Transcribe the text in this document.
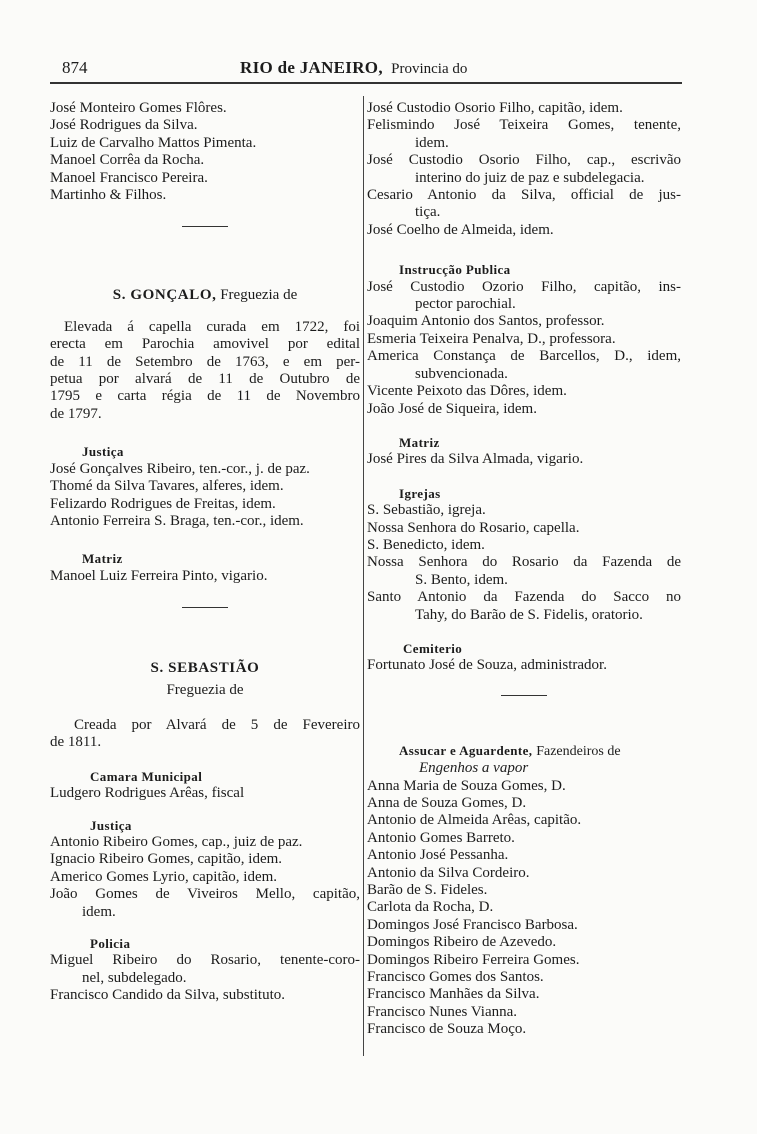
874	RIO de JANEIRO, Provincia do
José Monteiro Gomes Flôres.
José Rodrigues da Silva.
Luiz de Carvalho Mattos Pimenta.
Manoel Corrêa da Rocha.
Manoel Francisco Pereira.
Martinho & Filhos.
S. GONÇALO, Freguezia de
Elevada á capella curada em 1722, foi
erecta em Parochia amovivel por edital
de 11 de Setembro de 1763, e em per-
petua por alvará de 11 de Outubro de
1795 e carta régia de 11 de Novembro
de 1797.
Justiça
José Gonçalves Ribeiro, ten.-cor., j. de paz.
Thomé da Silva Tavares, alferes, idem.
Felizardo Rodrigues de Freitas, idem.
Antonio Ferreira S. Braga, ten.-cor., idem.
Matriz
Manoel Luiz Ferreira Pinto, vigario.
S. SEBASTIÃO
Freguezia de
Creada por Alvará de 5 de Fevereiro
de 1811.
Camara Municipal
Ludgero Rodrigues Arêas, fiscal
Justiça
Antonio Ribeiro Gomes, cap., juiz de paz.
Ignacio Ribeiro Gomes, capitão, idem.
Americo Gomes Lyrio, capitão, idem.
João Gomes de Viveiros Mello, capitão,
idem.
Policia
Miguel Ribeiro do Rosario, tenente-coro-
nel, subdelegado.
Francisco Candido da Silva, substituto.
José Custodio Osorio Filho, capitão, idem.
Felismindo José Teixeira Gomes, tenente,
idem.
José Custodio Osorio Filho, cap., escrivão
interino do juiz de paz e subdelegacia.
Cesario Antonio da Silva, official de jus-
tiça.
José Coelho de Almeida, idem.
Instrucção Publica
José Custodio Ozorio Filho, capitão, ins-
pector parochial.
Joaquim Antonio dos Santos, professor.
Esmeria Teixeira Penalva, D., professora.
America Constança de Barcellos, D., idem,
subvencionada.
Vicente Peixoto das Dôres, idem.
João José de Siqueira, idem.
Matriz
José Pires da Silva Almada, vigario.
Igrejas
S. Sebastião, igreja.
Nossa Senhora do Rosario, capella.
S. Benedicto, idem.
Nossa Senhora do Rosario da Fazenda de
S. Bento, idem.
Santo Antonio da Fazenda do Sacco no
Tahy, do Barão de S. Fidelis, oratorio.
Cemiterio
Fortunato José de Souza, administrador.
Assucar e Aguardente, Fazendeiros de
Engenhos a vapor
Anna Maria de Souza Gomes, D.
Anna de Souza Gomes, D.
Antonio de Almeida Arêas, capitão.
Antonio Gomes Barreto.
Antonio José Pessanha.
Antonio da Silva Cordeiro.
Barão de S. Fideles.
Carlota da Rocha, D.
Domingos José Francisco Barbosa.
Domingos Ribeiro de Azevedo.
Domingos Ribeiro Ferreira Gomes.
Francisco Gomes dos Santos.
Francisco Manhães da Silva.
Francisco Nunes Vianna.
Francisco de Souza Moço.
